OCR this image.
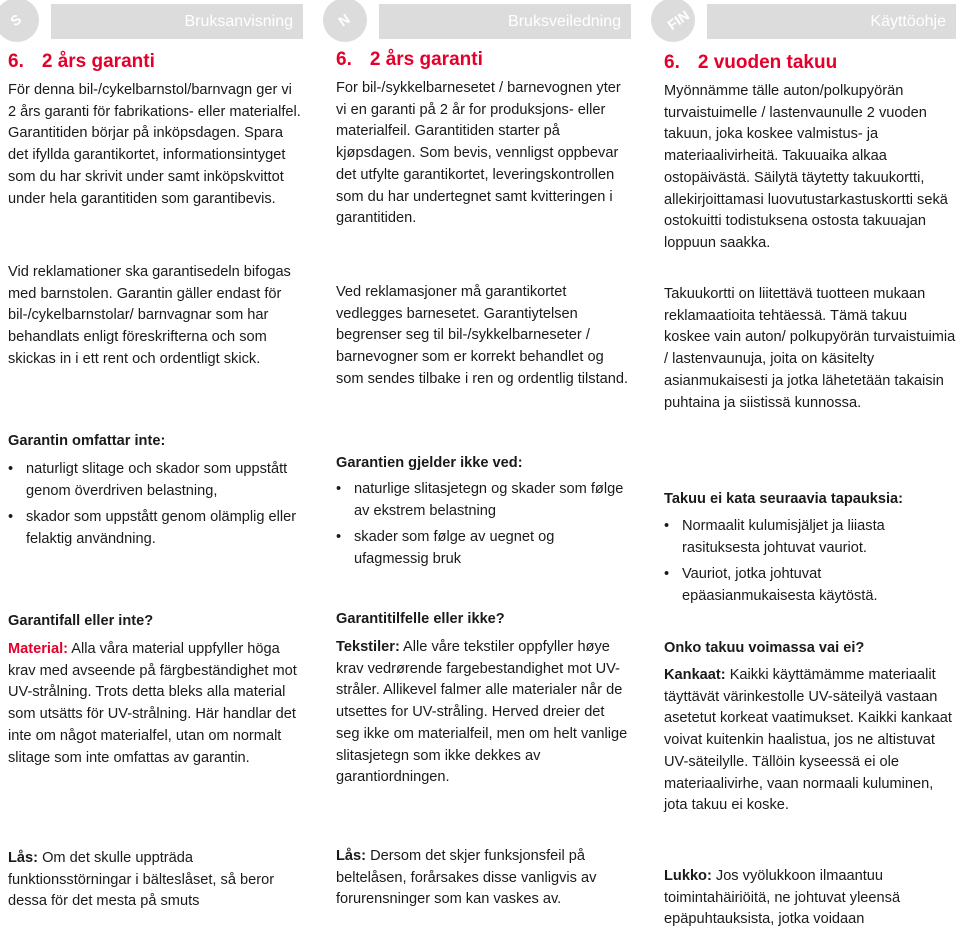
S	Bruksanvisning
6. 2 års garanti
För denna bil-/cykelbarnstol/barnvagn ger vi 2 års garanti för fabrikations- eller materialfel. Garantitiden börjar på inköpsdagen. Spara det ifyllda garantikortet, informationsintyget som du har skrivit under samt inköpskvittot under hela garantitiden som garantibevis.
Vid reklamationer ska garantisedeln bifogas med barnstolen. Garantin gäller endast för bil-/cykelbarnstolar/ barnvagnar som har behandlats enligt föreskrifterna och som skickas in i ett rent och ordentligt skick.
Garantin omfattar inte:
• naturligt slitage och skador som uppstått genom överdriven belastning,
• skador som uppstått genom olämplig eller felaktig användning.
Garantifall eller inte?
Material: Alla våra material uppfyller höga krav med avseende på färgbeständighet mot UV-strålning. Trots detta bleks alla material som utsätts för UV-strålning. Här handlar det inte om något materialfel, utan om normalt slitage som inte omfattas av garantin.
Lås: Om det skulle uppträda funktionsstörningar i bälteslåset, så beror dessa för det mesta på smuts
N	Bruksveiledning
6. 2 års garanti
For bil-/sykkelbarnesetet / barnevognen yter vi en garanti på 2 år for produksjons- eller materialfeil. Garantitiden starter på kjøpsdagen. Som bevis, vennligst oppbevar det utfylte garantikortet, leveringskontrollen som du har undertegnet samt kvitteringen i garantitiden.
Ved reklamasjoner må garantikortet vedlegges barnesetet. Garantiytelsen begrenser seg til bil-/sykkelbarneseter / barnevogner som er korrekt behandlet og som sendes tilbake i ren og ordentlig tilstand.
Garantien gjelder ikke ved:
• naturlige slitasjetegn og skader som følge av ekstrem belastning
• skader som følge av uegnet og ufagmessig bruk
Garantitilfelle eller ikke?
Tekstiler: Alle våre tekstiler oppfyller høye krav vedrørende fargebestandighet mot UV-stråler. Allikevel falmer alle materialer når de utsettes for UV-stråling. Herved dreier det seg ikke om materialfeil, men om helt vanlige slitasjetegn som ikke dekkes av garantiordningen.
Lås: Dersom det skjer funksjonsfeil på beltelåsen, forårsakes disse vanligvis av forurensninger som kan vaskes av.
FIN	Käyttöohje
6. 2 vuoden takuu
Myönnämme tälle auton/polkupyörän turvaistuimelle / lastenvaunulle 2 vuoden takuun, joka koskee valmistus- ja materiaalivirheitä. Takuuaika alkaa ostopäivästä. Säilytä täytetty takuukortti, allekirjoittamasi luovutustarkastuskortti sekä ostokuitti todistuksena ostosta takuuajan loppuun saakka.
Takuukortti on liitettävä tuotteen mukaan reklamaatioita tehtäessä. Tämä takuu koskee vain auton/ polkupyörän turvaistuimia / lastenvaunuja, joita on käsitelty asianmukaisesti ja jotka lähetetään takaisin puhtaina ja siistissä kunnossa.
Takuu ei kata seuraavia tapauksia:
• Normaalit kulumisjäljet ja liiasta rasituksesta johtuvat vauriot.
• Vauriot, jotka johtuvat epäasianmukaisesta käytöstä.
Onko takuu voimassa vai ei?
Kankaat: Kaikki käyttämämme materiaalit täyttävät värinkestolle UV-säteilyä vastaan asetetut korkeat vaatimukset. Kaikki kankaat voivat kuitenkin haalistua, jos ne altistuvat UV-säteilylle. Tällöin kyseessä ei ole materiaalivirhe, vaan normaali kuluminen, jota takuu ei koske.
Lukko: Jos vyölukkoon ilmaantuu toimintahäiriöitä, ne johtuvat yleensä epäpuhtauksista, jotka voidaan
